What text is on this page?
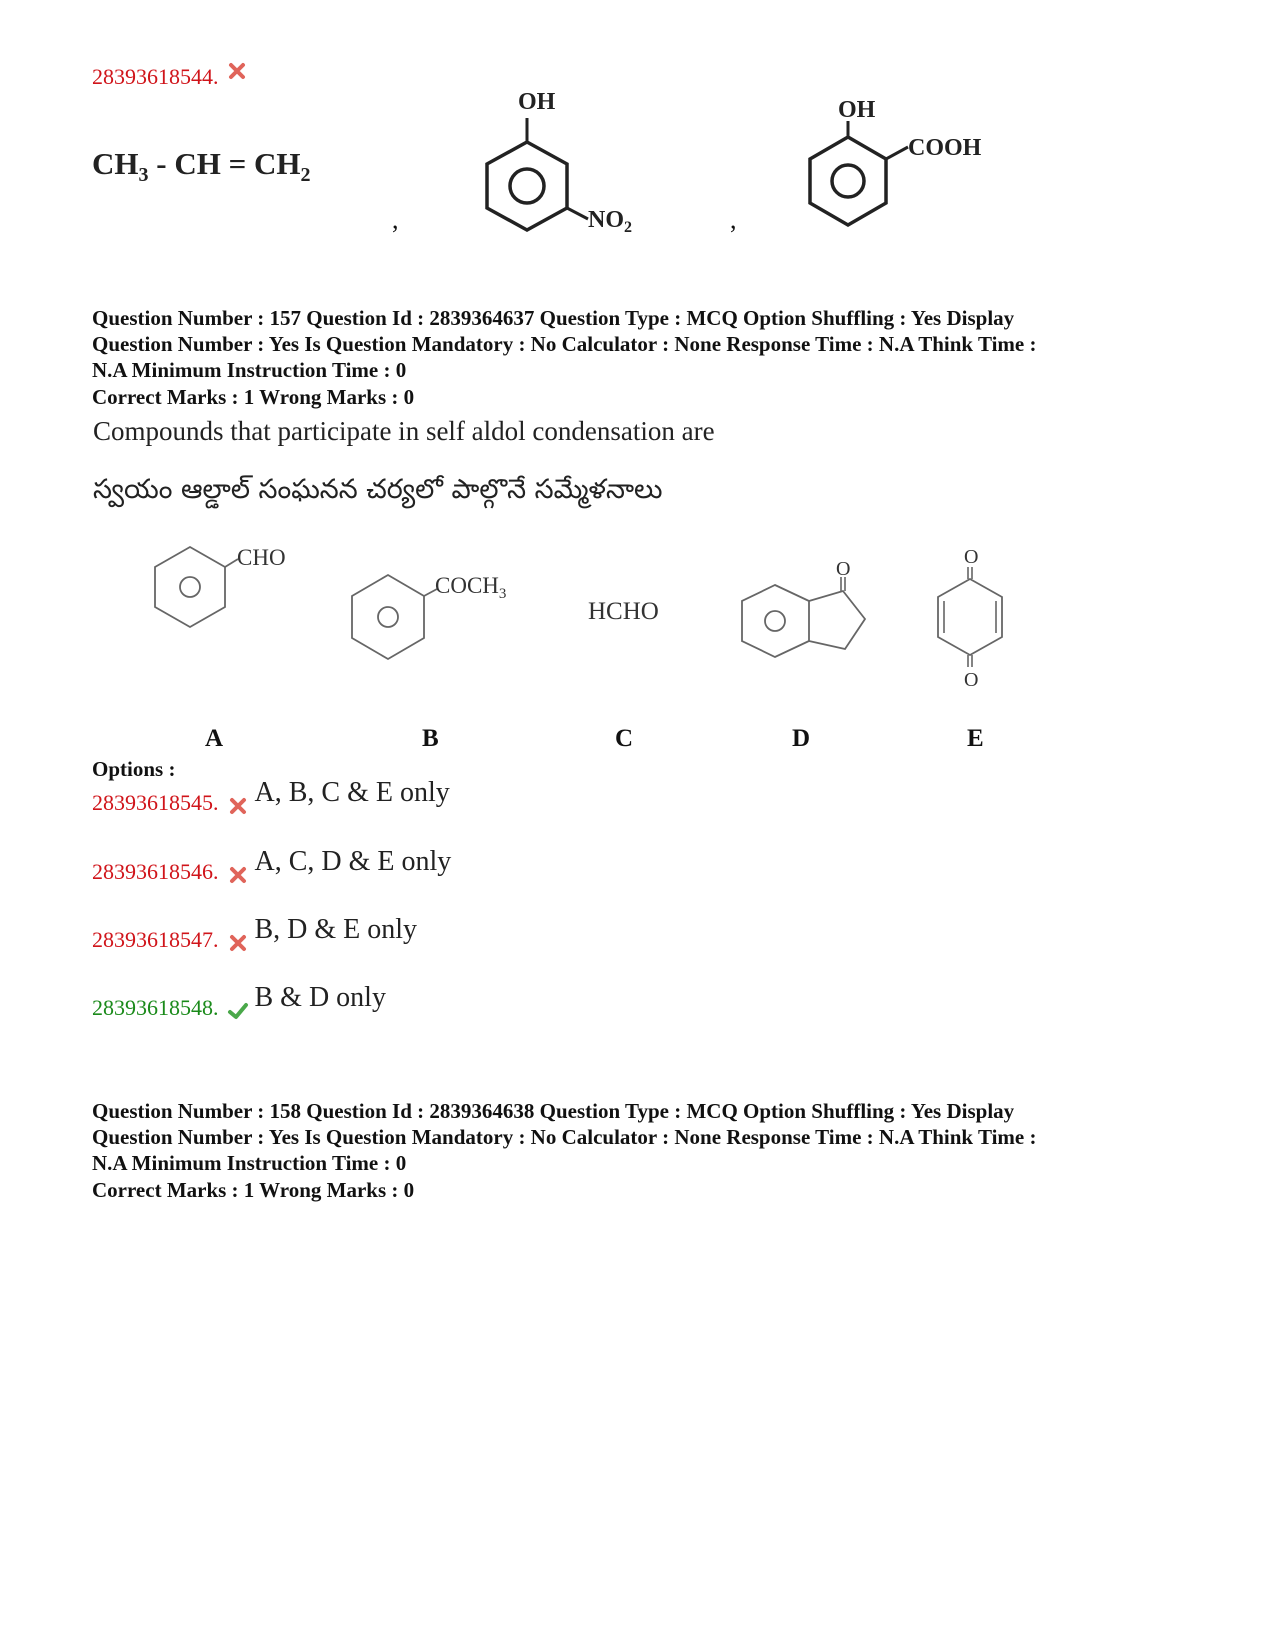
28393618544.
$CH_3$ - CH = $CH_2$
,	,
OH
$NO_2$
OH
COOH
Question Number : 157 Question Id : 2839364637 Question Type : MCQ Option Shuffling : Yes Display
Question Number : Yes Is Question Mandatory : No Calculator : None Response Time : N.A Think Time :
N.A Minimum Instruction Time : 0
Correct Marks : 1 Wrong Marks : 0
Compounds that participate in self aldol condensation are
స్వయం ఆల్డాల్ సంఘనన చర్యలో పాల్గొనే సమ్మేళనాలు
CHO
$COCH_3$
HCHO
O
O
O
A	B	C	D	E
Options :
28393618545. A, B, C & E only
28393618546. A, C, D & E only
28393618547. B, D & E only
28393618548. B & D only
Question Number : 158 Question Id : 2839364638 Question Type : MCQ Option Shuffling : Yes Display
Question Number : Yes Is Question Mandatory : No Calculator : None Response Time : N.A Think Time :
N.A Minimum Instruction Time : 0
Correct Marks : 1 Wrong Marks : 0
